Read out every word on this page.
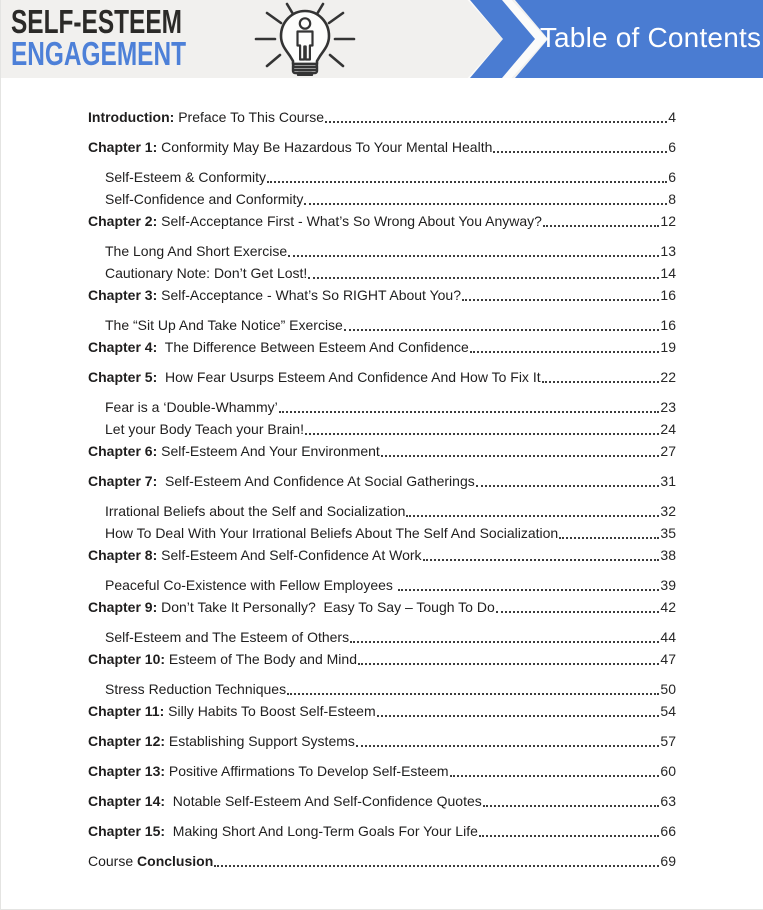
SELF-ESTEEM
ENGAGEMENT	Table of Contents
Introduction: Preface To This Course	4
Chapter 1: Conformity May Be Hazardous To Your Mental Health	6
Self-Esteem & Conformity	6
Self-Confidence and Conformity	8
Chapter 2: Self-Acceptance First - What’s So Wrong About You Anyway?	12
The Long And Short Exercise	13
Cautionary Note: Don’t Get Lost!	14
Chapter 3: Self-Acceptance - What’s So RIGHT About You?	16
The “Sit Up And Take Notice” Exercise	16
Chapter 4:  The Difference Between Esteem And Confidence	19
Chapter 5:  How Fear Usurps Esteem And Confidence And How To Fix It	22
Fear is a ‘Double-Whammy’	23
Let your Body Teach your Brain!	24
Chapter 6: Self-Esteem And Your Environment	27
Chapter 7:  Self-Esteem And Confidence At Social Gatherings	31
Irrational Beliefs about the Self and Socialization	32
How To Deal With Your Irrational Beliefs About The Self And Socialization	35
Chapter 8: Self-Esteem And Self-Confidence At Work	38
Peaceful Co-Existence with Fellow Employees	39
Chapter 9: Don’t Take It Personally?  Easy To Say – Tough To Do	42
Self-Esteem and The Esteem of Others	44
Chapter 10: Esteem of The Body and Mind	47
Stress Reduction Techniques	50
Chapter 11: Silly Habits To Boost Self-Esteem	54
Chapter 12: Establishing Support Systems	57
Chapter 13: Positive Affirmations To Develop Self-Esteem	60
Chapter 14:  Notable Self-Esteem And Self-Confidence Quotes	63
Chapter 15:  Making Short And Long-Term Goals For Your Life	66
Course Conclusion	69
